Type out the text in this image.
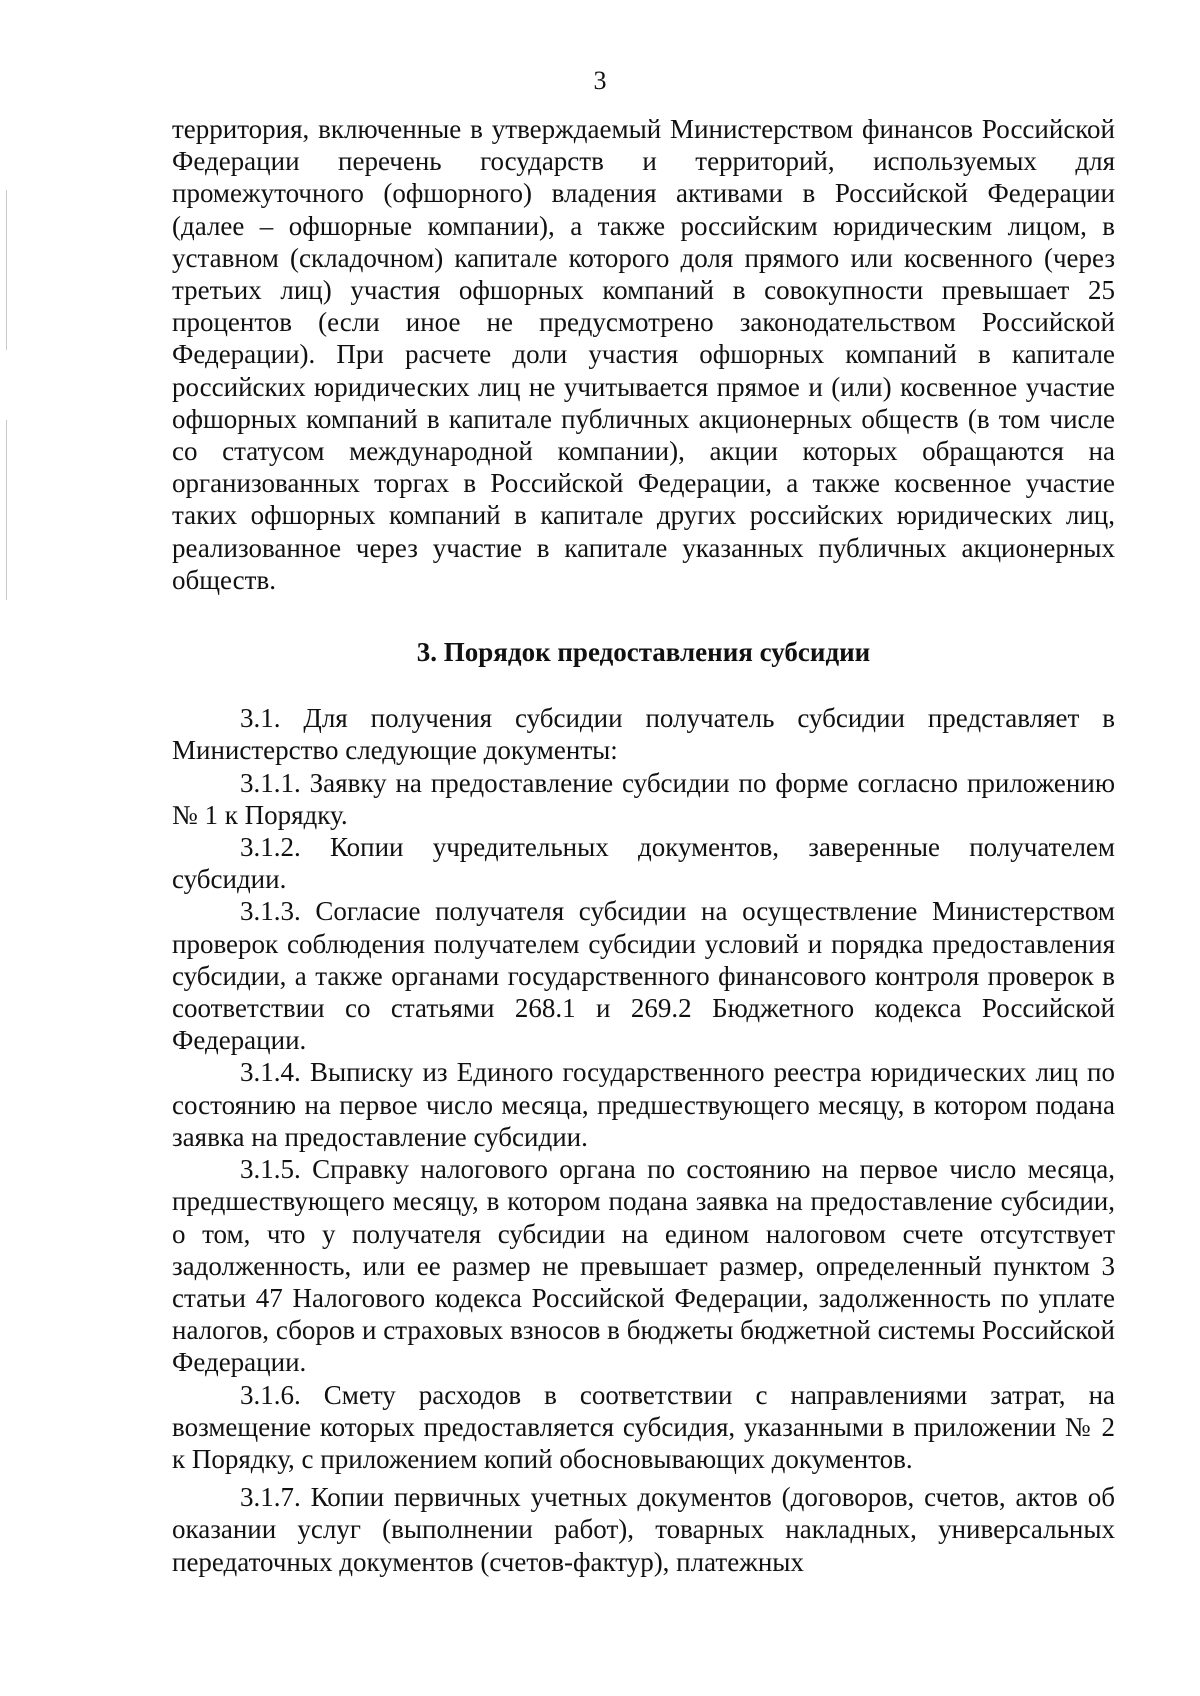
3

территория, включенные в утверждаемый Министерством финансов Российской Федерации перечень государств и территорий, используемых для промежуточного (офшорного) владения активами в Российской Федерации (далее – офшорные компании), а также российским юридическим лицом, в уставном (складочном) капитале которого доля прямого или косвенного (через третьих лиц) участия офшорных компаний в совокупности превышает 25 процентов (если иное не предусмотрено законодательством Российской Федерации). При расчете доли участия офшорных компаний в капитале российских юридических лиц не учитывается прямое и (или) косвенное участие офшорных компаний в капитале публичных акционерных обществ (в том числе со статусом международной компании), акции которых обращаются на организованных торгах в Российской Федерации, а также косвенное участие таких офшорных компаний в капитале других российских юридических лиц, реализованное через участие в капитале указанных публичных акционерных обществ.

3. Порядок предоставления субсидии

3.1. Для получения субсидии получатель субсидии представляет в Министерство следующие документы:

3.1.1. Заявку на предоставление субсидии по форме согласно приложению № 1 к Порядку.

3.1.2. Копии учредительных документов, заверенные получателем субсидии.

3.1.3. Согласие получателя субсидии на осуществление Министерством проверок соблюдения получателем субсидии условий и порядка предоставления субсидии, а также органами государственного финансового контроля проверок в соответствии со статьями 268.1 и 269.2 Бюджетного кодекса Российской Федерации.

3.1.4. Выписку из Единого государственного реестра юридических лиц по состоянию на первое число месяца, предшествующего месяцу, в котором подана заявка на предоставление субсидии.

3.1.5. Справку налогового органа по состоянию на первое число месяца, предшествующего месяцу, в котором подана заявка на предоставление субсидии, о том, что у получателя субсидии на едином налоговом счете отсутствует задолженность, или ее размер не превышает размер, определенный пунктом 3 статьи 47 Налогового кодекса Российской Федерации, задолженность по уплате налогов, сборов и страховых взносов в бюджеты бюджетной системы Российской Федерации.

3.1.6. Смету расходов в соответствии с направлениями затрат, на возмещение которых предоставляется субсидия, указанными в приложении № 2 к Порядку, с приложением копий обосновывающих документов.

3.1.7. Копии первичных учетных документов (договоров, счетов, актов об оказании услуг (выполнении работ), товарных накладных, универсальных передаточных документов (счетов-фактур), платежных
